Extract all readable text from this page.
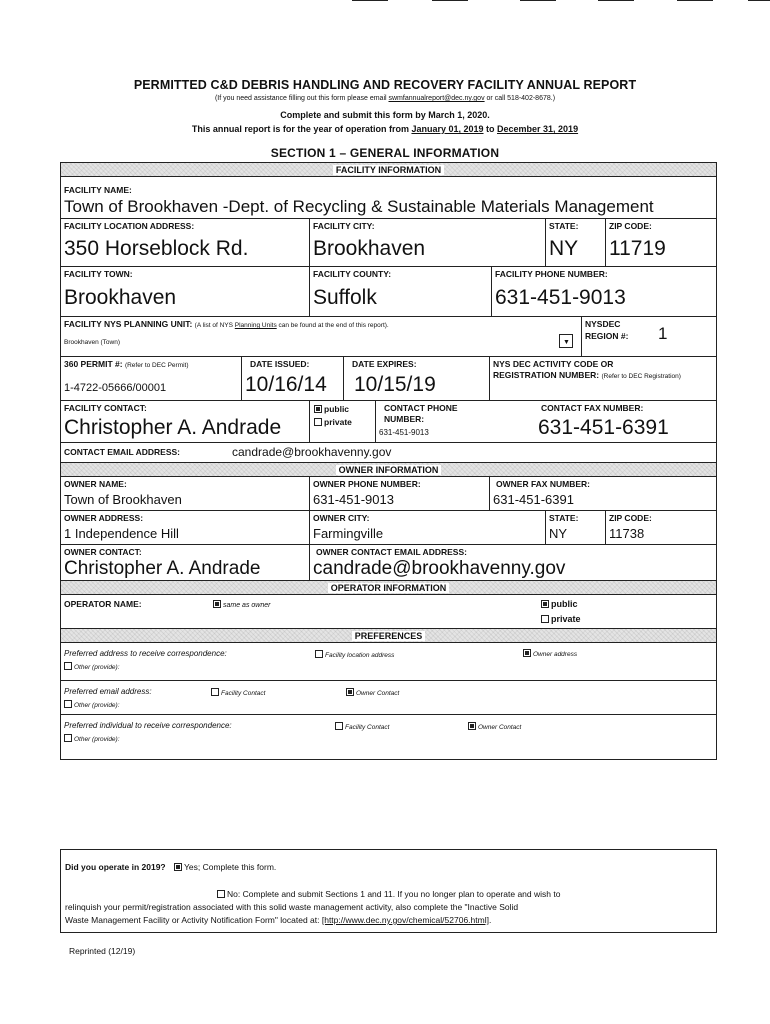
PERMITTED C&D DEBRIS HANDLING AND RECOVERY FACILITY ANNUAL REPORT
(If you need assistance filling out this form please email swmfannualreport@dec.ny.gov or call 518-402-8678.)
Complete and submit this form by March 1, 2020.
This annual report is for the year of operation from January 01, 2019 to December 31, 2019
SECTION 1 – GENERAL INFORMATION
FACILITY INFORMATION
FACILITY NAME:
Town of Brookhaven -Dept. of Recycling & Sustainable Materials Management
FACILITY LOCATION ADDRESS:
350 Horseblock Rd.
FACILITY CITY:
Brookhaven
STATE:
NY
ZIP CODE:
11719
FACILITY TOWN:
Brookhaven
FACILITY COUNTY:
Suffolk
FACILITY PHONE NUMBER:
631-451-9013
FACILITY NYS PLANNING UNIT: (A list of NYS Planning Units can be found at the end of this report).
Brookhaven (Town)	▼
NYSDEC
REGION #: 1
360 PERMIT #: (Refer to DEC Permit)
1-4722-05666/00001
DATE ISSUED:
10/16/14
DATE EXPIRES:
10/15/19
NYS DEC ACTIVITY CODE OR
REGISTRATION NUMBER: (Refer to DEC Registration)
FACILITY CONTACT:
Christopher A. Andrade
public
private
CONTACT PHONE
NUMBER:
631-451-9013
CONTACT FAX NUMBER:
631-451-6391
CONTACT EMAIL ADDRESS:	candrade@brookhavenny.gov
OWNER INFORMATION
OWNER NAME:
Town of Brookhaven
OWNER PHONE NUMBER:
631-451-9013
OWNER FAX NUMBER:
631-451-6391
OWNER ADDRESS:
1 Independence Hill
OWNER CITY:
Farmingville
STATE:
NY
ZIP CODE:
11738
OWNER CONTACT:
Christopher A. Andrade
OWNER CONTACT EMAIL ADDRESS:
candrade@brookhavenny.gov
OPERATOR INFORMATION
OPERATOR NAME:	same as owner	public
private
PREFERENCES
Preferred address to receive correspondence:	Facility location address	Owner address
Other (provide):
Preferred email address:	Facility Contact	Owner Contact
Other (provide):
Preferred individual to receive correspondence:	Facility Contact	Owner Contact
Other (provide):
Did you operate in 2019? Yes; Complete this form.
No: Complete and submit Sections 1 and 11. If you no longer plan to operate and wish to
relinquish your permit/registration associated with this solid waste management activity, also complete the "Inactive Solid
Waste Management Facility or Activity Notification Form" located at: [http://www.dec.ny.gov/chemical/52706.html].
Reprinted (12/19)
